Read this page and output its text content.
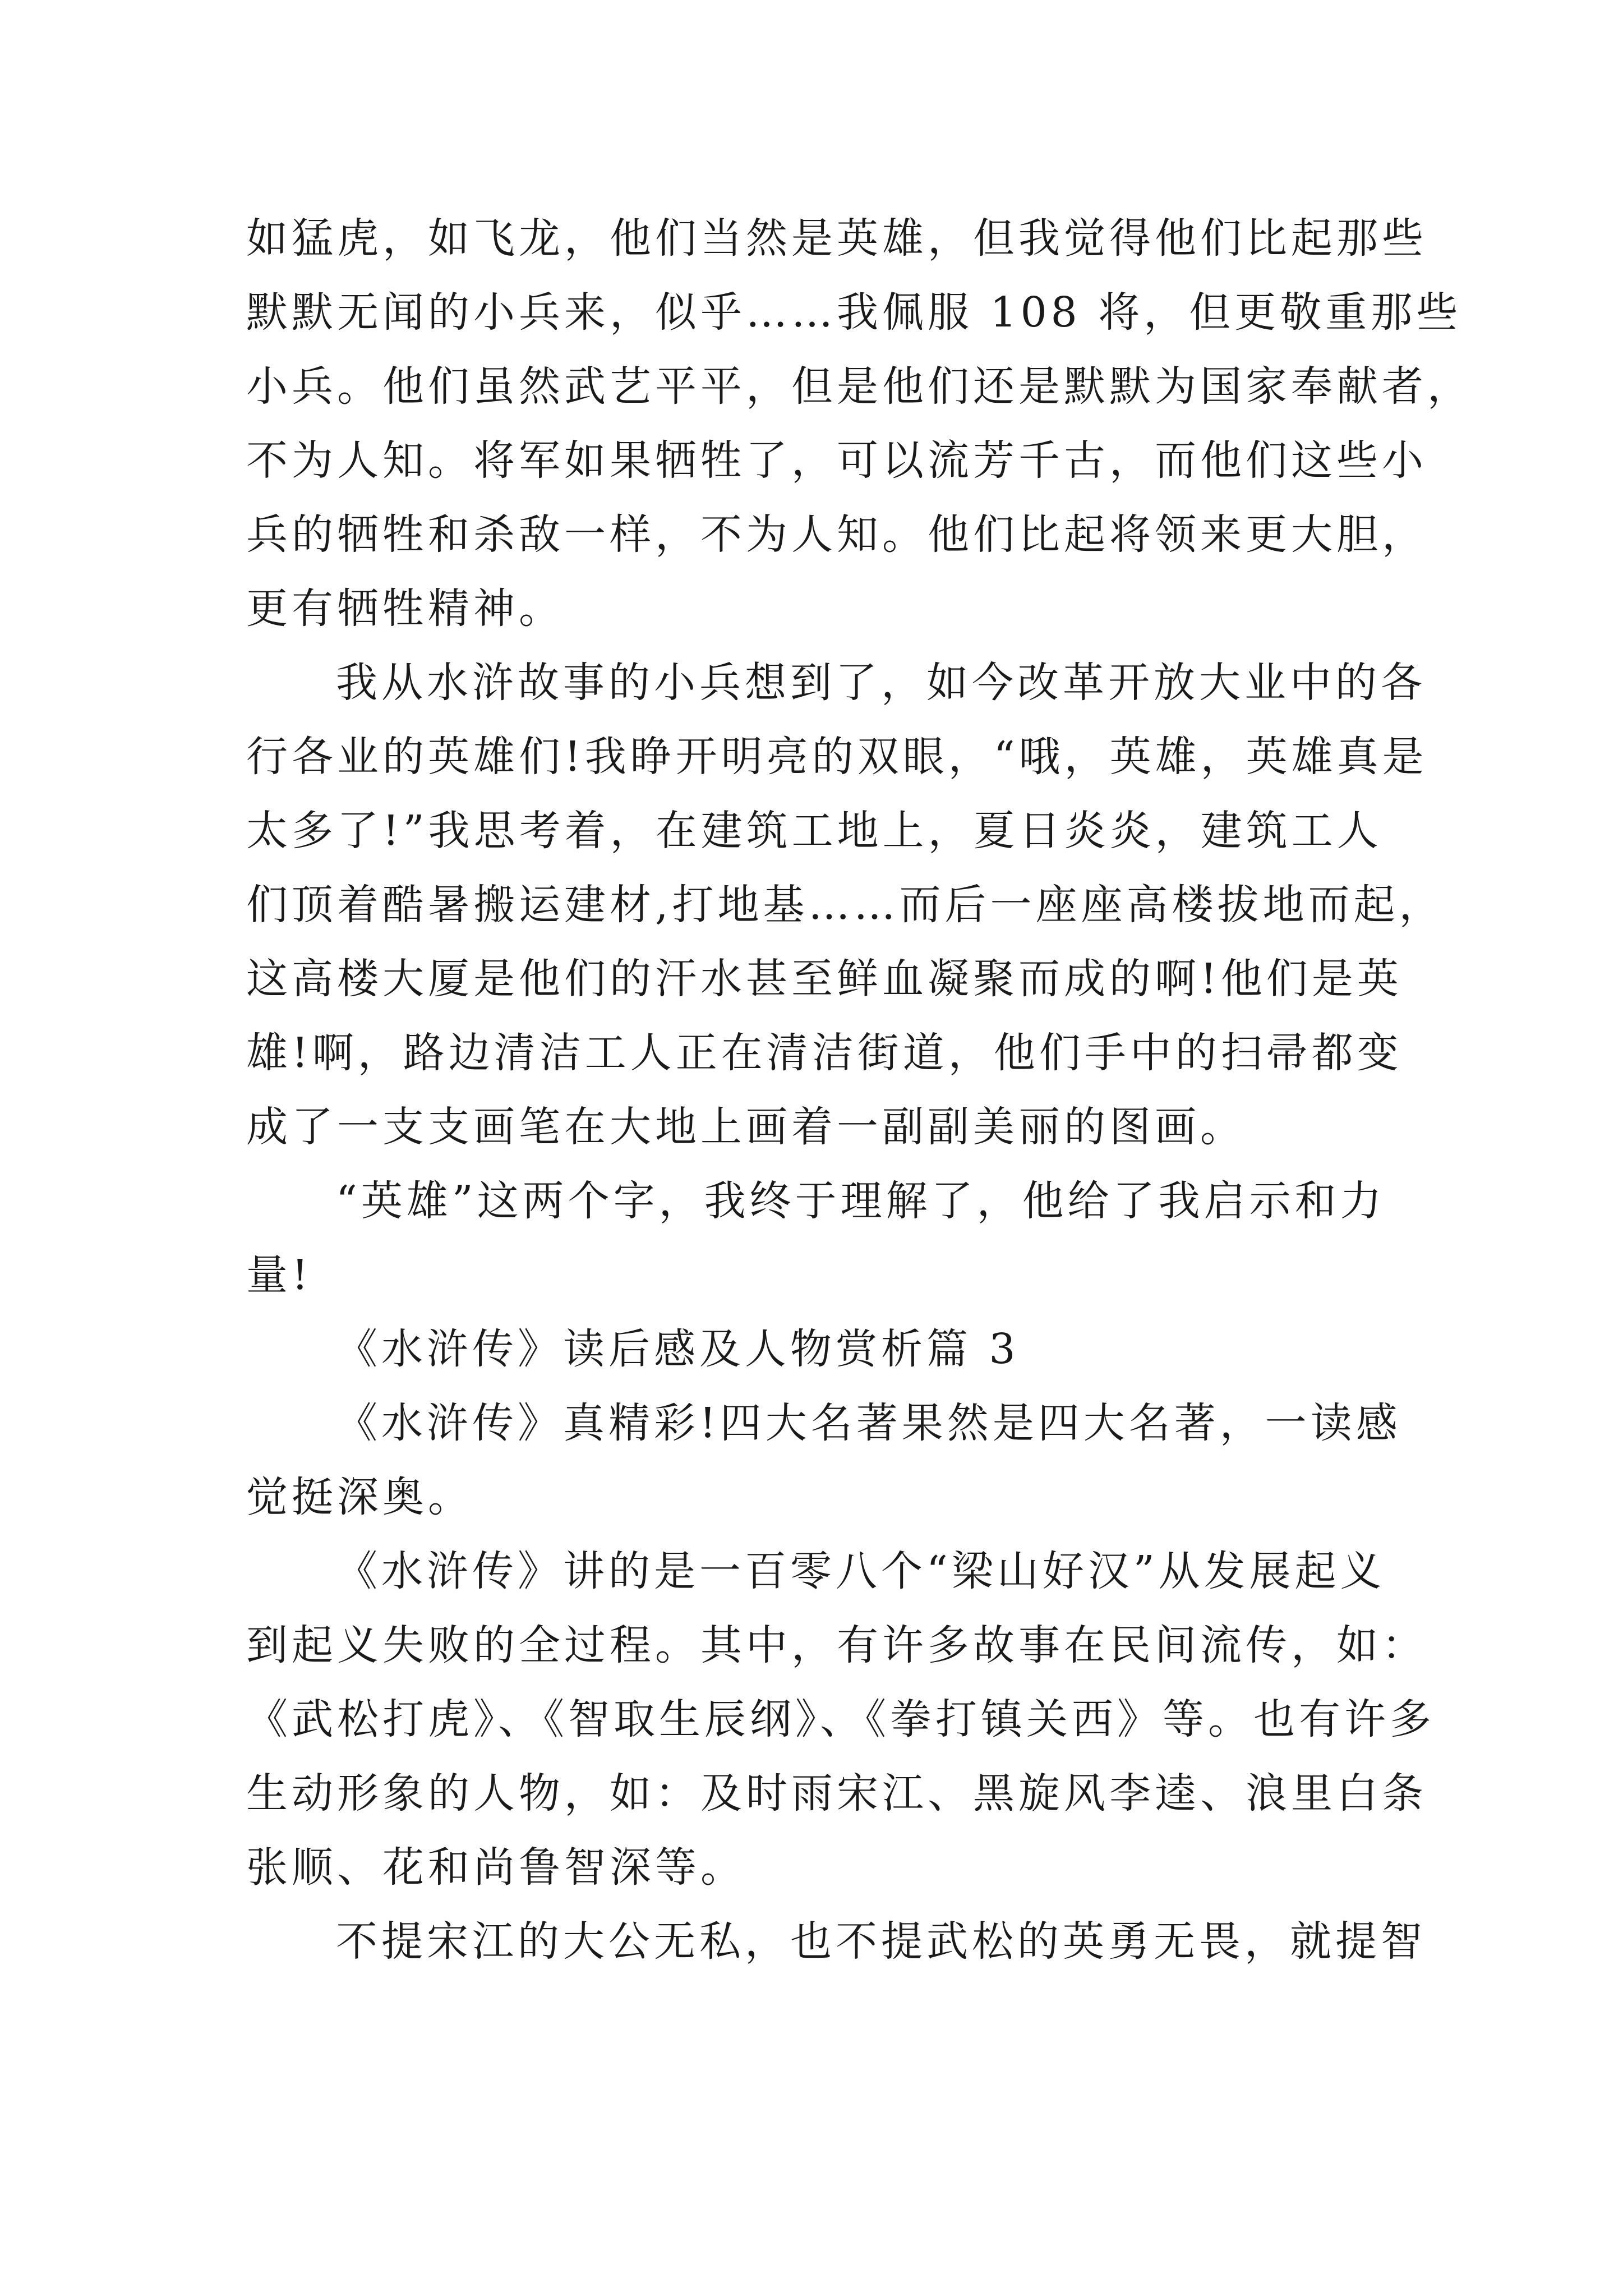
如猛虎，如飞龙，他们当然是英雄，但我觉得他们比起那些
默默无闻的小兵来，似乎……我佩服 108 将，但更敬重那些
小兵。他们虽然武艺平平，但是他们还是默默为国家奉献者，
不为人知。将军如果牺牲了，可以流芳千古，而他们这些小
兵的牺牲和杀敌一样，不为人知。他们比起将领来更大胆，
更有牺牲精神。
我从水浒故事的小兵想到了，如今改革开放大业中的各
行各业的英雄们!我睁开明亮的双眼，“哦，英雄，英雄真是
太多了!”我思考着，在建筑工地上，夏日炎炎，建筑工人
们顶着酷暑搬运建材,打地基……而后一座座高楼拔地而起，
这高楼大厦是他们的汗水甚至鲜血凝聚而成的啊!他们是英
雄!啊，路边清洁工人正在清洁街道，他们手中的扫帚都变
成了一支支画笔在大地上画着一副副美丽的图画。
“英雄”这两个字，我终于理解了，他给了我启示和力
量!
《水浒传》读后感及人物赏析篇 3
《水浒传》真精彩!四大名著果然是四大名著，一读感
觉挺深奥。
《水浒传》讲的是一百零八个“梁山好汉”从发展起义
到起义失败的全过程。其中，有许多故事在民间流传，如：
《武松打虎》、《智取生辰纲》、《拳打镇关西》等。也有许多
生动形象的人物，如：及时雨宋江、黑旋风李逵、浪里白条
张顺、花和尚鲁智深等。
不提宋江的大公无私，也不提武松的英勇无畏，就提智
